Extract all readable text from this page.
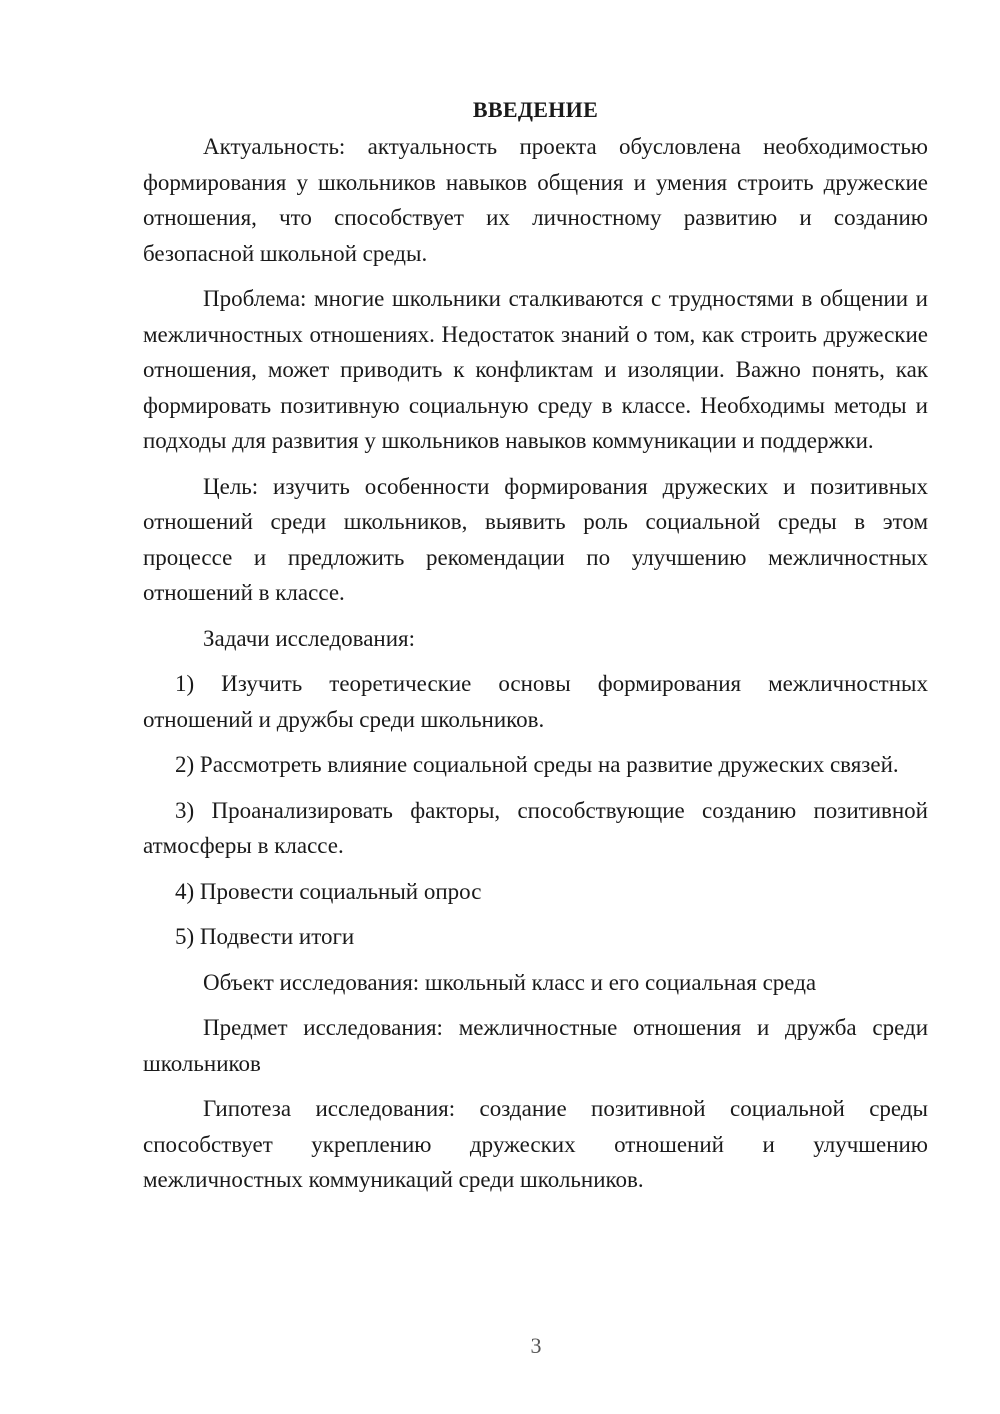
ВВЕДЕНИЕ

Актуальность: актуальность проекта обусловлена необходимостью формирования у школьников навыков общения и умения строить дружеские отношения, что способствует их личностному развитию и созданию безопасной школьной среды.

Проблема: многие школьники сталкиваются с трудностями в общении и межличностных отношениях. Недостаток знаний о том, как строить дружеские отношения, может приводить к конфликтам и изоляции. Важно понять, как формировать позитивную социальную среду в классе. Необходимы методы и подходы для развития у школьников навыков коммуникации и поддержки.

Цель: изучить особенности формирования дружеских и позитивных отношений среди школьников, выявить роль социальной среды в этом процессе и предложить рекомендации по улучшению межличностных отношений в классе.

Задачи исследования:

1) Изучить теоретические основы формирования межличностных отношений и дружбы среди школьников.

2) Рассмотреть влияние социальной среды на развитие дружеских связей.

3) Проанализировать факторы, способствующие созданию позитивной атмосферы в классе.

4) Провести социальный опрос

5) Подвести итоги

Объект исследования: школьный класс и его социальная среда

Предмет исследования: межличностные отношения и дружба среди школьников

Гипотеза исследования: создание позитивной социальной среды способствует укреплению дружеских отношений и улучшению межличностных коммуникаций среди школьников.

3
